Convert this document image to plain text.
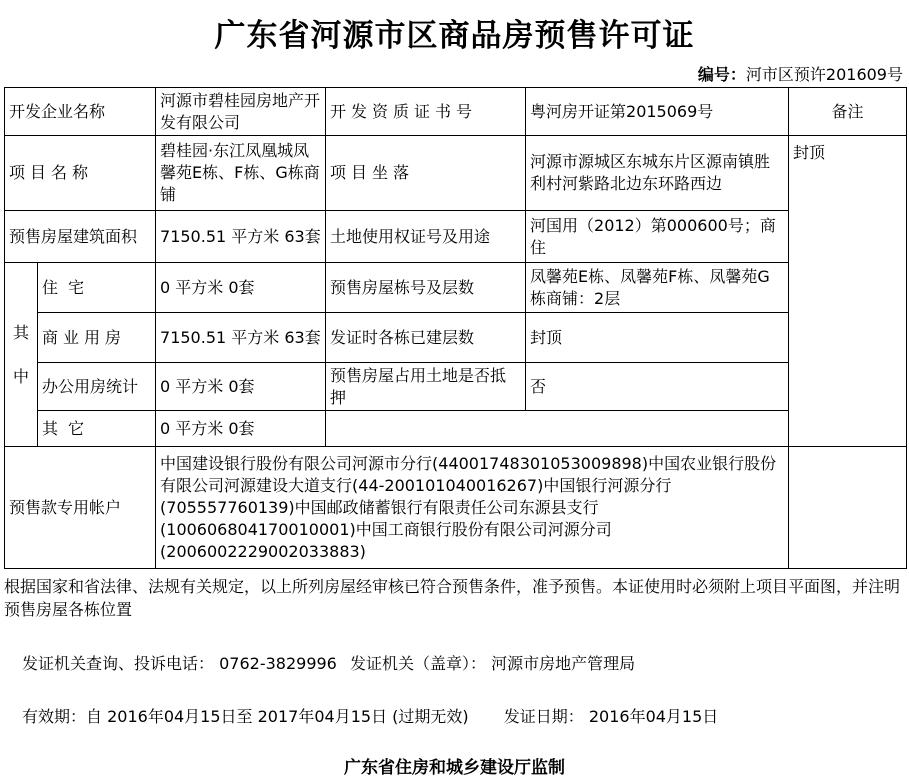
广东省河源市区商品房预售许可证
编号：河市区预许201609号
开发企业名称		河源市碧桂园房地产开发有限公司	开发资质证书号	粤河房开证第2015069号	备注
项目名称		碧桂园·东江凤凰城凤馨苑E栋、F栋、G栋商铺	项目坐落	河源市源城区东城东片区源南镇胜利村河紫路北边东环路西边	封顶
预售房屋建筑面积		7150.51 平方米 63套	土地使用权证号及用途	河国用（2012）第000600号；商住	
其中	住宅	0 平方米 0套	预售房屋栋号及层数	凤馨苑E栋、凤馨苑F栋、凤馨苑G栋商铺：2层	
	商业用房	7150.51 平方米 63套	发证时各栋已建层数	封顶	
	办公用房统计	0 平方米 0套	预售房屋占用土地是否抵押	否	
	其它	0 平方米 0套			
预售款专用帐户		中国建设银行股份有限公司河源市分行(44001748301053009898)中国农业银行股份有限公司河源建设大道支行(44-200101040016267)中国银行河源分行(705557760139)中国邮政储蓄银行有限责任公司东源县支行(100606804170010001)中国工商银行股份有限公司河源分司(2006002229002033883)			
根据国家和省法律、法规有关规定，以上所列房屋经审核已符合预售条件，准予预售。本证使用时必须附上项目平面图，并注明预售房屋各栋位置
发证机关查询、投诉电话： 0762-3829996 发证机关（盖章）： 河源市房地产管理局
有效期：自 2016年04月15日至 2017年04月15日 (过期无效) 发证日期： 2016年04月15日
广东省住房和城乡建设厅监制
